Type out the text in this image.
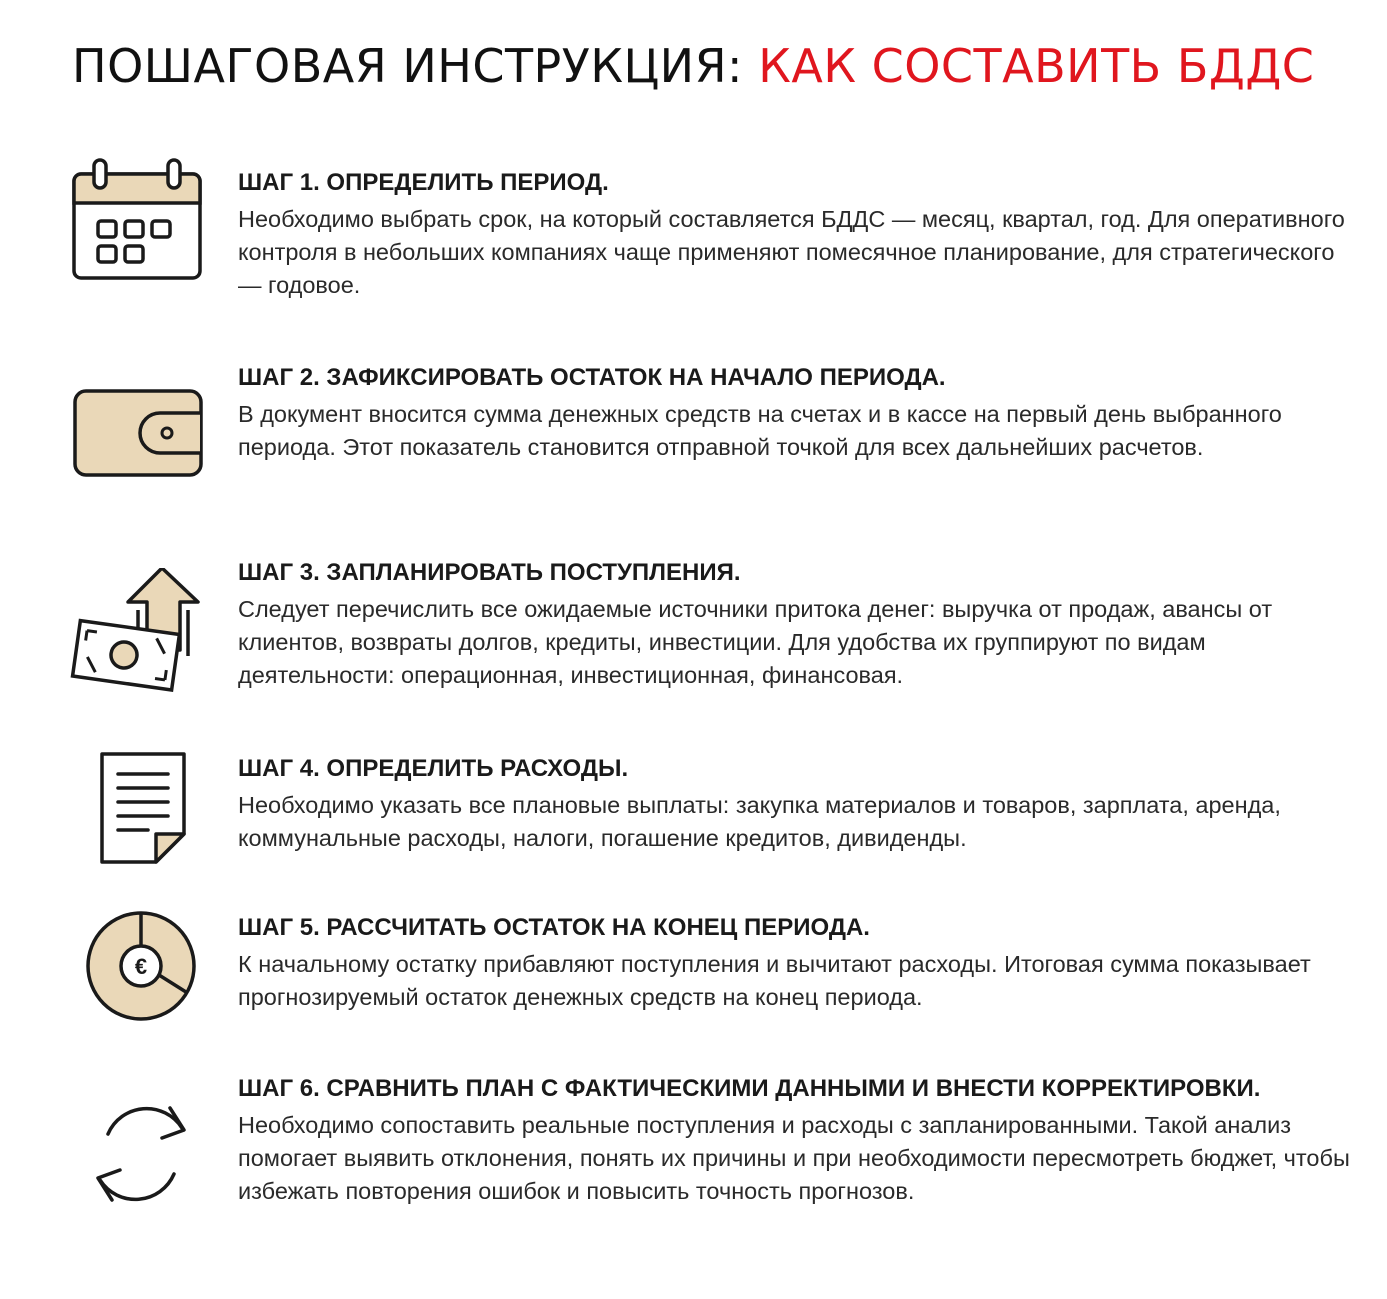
ПОШАГОВАЯ ИНСТРУКЦИЯ: КАК СОСТАВИТЬ БДДС

ШАГ 1. ОПРЕДЕЛИТЬ ПЕРИОД.

Необходимо выбрать срок, на который составляется БДДС — месяц, квартал, год. Для оперативного контроля в небольших компаниях чаще применяют помесячное планирование, для стратегического — годовое.

ШАГ 2. ЗАФИКСИРОВАТЬ ОСТАТОК НА НАЧАЛО ПЕРИОДА.

В документ вносится сумма денежных средств на счетах и в кассе на первый день выбранного периода. Этот показатель становится отправной точкой для всех дальнейших расчетов.

ШАГ 3. ЗАПЛАНИРОВАТЬ ПОСТУПЛЕНИЯ.

Следует перечислить все ожидаемые источники притока денег: выручка от продаж, авансы от клиентов, возвраты долгов, кредиты, инвестиции. Для удобства их группируют по видам деятельности: операционная, инвестиционная, финансовая.

ШАГ 4. ОПРЕДЕЛИТЬ РАСХОДЫ.

Необходимо указать все плановые выплаты: закупка материалов и товаров, зарплата, аренда, коммунальные расходы, налоги, погашение кредитов, дивиденды.

€

ШАГ 5. РАССЧИТАТЬ ОСТАТОК НА КОНЕЦ ПЕРИОДА.

К начальному остатку прибавляют поступления и вычитают расходы. Итоговая сумма показывает прогнозируемый остаток денежных средств на конец периода.

ШАГ 6. СРАВНИТЬ ПЛАН С ФАКТИЧЕСКИМИ ДАННЫМИ И ВНЕСТИ КОРРЕКТИРОВКИ.

Необходимо сопоставить реальные поступления и расходы с запланированными. Такой анализ помогает выявить отклонения, понять их причины и при необходимости пересмотреть бюджет, чтобы избежать повторения ошибок и повысить точность прогнозов.
